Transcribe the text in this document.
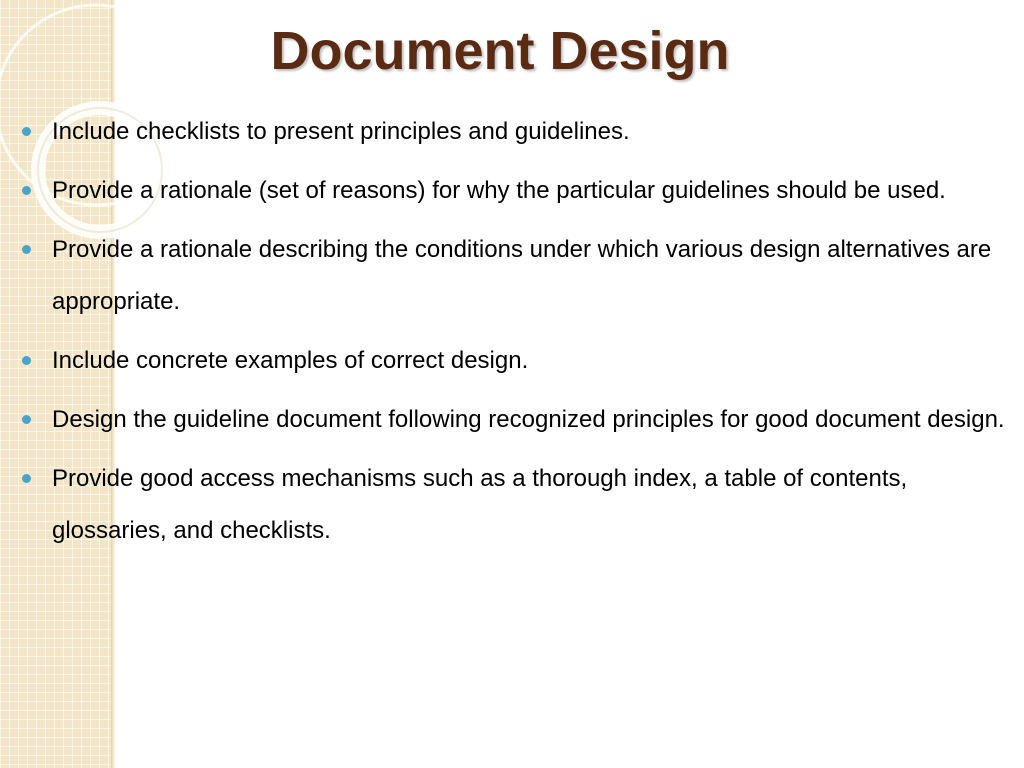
Document Design
Include checklists to present principles and guidelines.
Provide a rationale (set of reasons) for why the particular guidelines should be used.
Provide a rationale describing the conditions under which various design alternatives are appropriate.
Include concrete examples of correct design.
Design the guideline document following recognized principles for good document design.
Provide good access mechanisms such as a thorough index, a table of contents, glossaries, and checklists.
